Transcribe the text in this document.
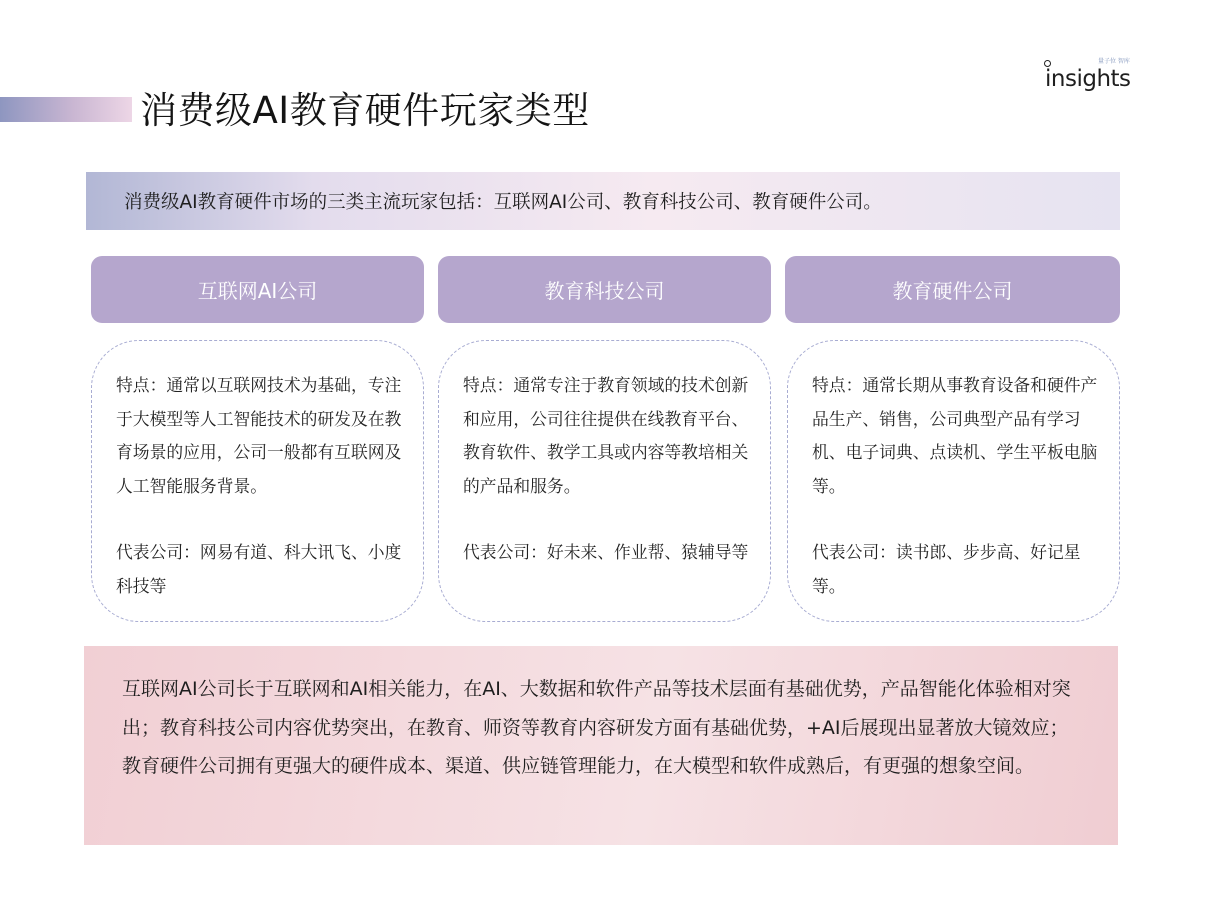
消费级AI教育硬件玩家类型
量子位 智库
insights
消费级AI教育硬件市场的三类主流玩家包括：互联网AI公司、教育科技公司、教育硬件公司。
互联网AI公司

特点：通常以互联网技术为基础，专注于大模型等人工智能技术的研发及在教育场景的应用，公司一般都有互联网及人工智能服务背景。

代表公司：网易有道、科大讯飞、小度科技等

教育科技公司

特点：通常专注于教育领域的技术创新和应用，公司往往提供在线教育平台、教育软件、教学工具或内容等教培相关的产品和服务。

代表公司：好未来、作业帮、猿辅导等

教育硬件公司

特点：通常长期从事教育设备和硬件产品生产、销售，公司典型产品有学习机、电子词典、点读机、学生平板电脑等。

代表公司：读书郎、步步高、好记星等。

互联网AI公司长于互联网和AI相关能力，在AI、大数据和软件产品等技术层面有基础优势，产品智能化体验相对突出；教育科技公司内容优势突出，在教育、师资等教育内容研发方面有基础优势，+AI后展现出显著放大镜效应；教育硬件公司拥有更强大的硬件成本、渠道、供应链管理能力，在大模型和软件成熟后，有更强的想象空间。
